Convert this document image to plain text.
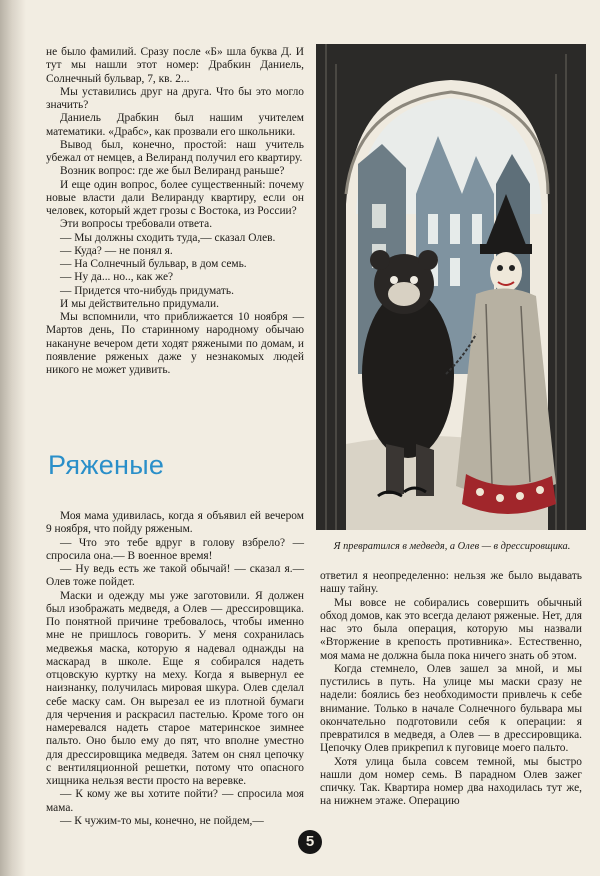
не было фамилий. Сразу после «Б» шла буква Д. И тут мы нашли этот номер: Драбкин Даниель, Солнечный бульвар, 7, кв. 2...

Мы уставились друг на друга. Что бы это могло значить?

Даниель Драбкин был нашим учителем математики. «Драбс», как прозвали его школьники.

Вывод был, конечно, простой: наш учитель убежал от немцев, а Велиранд получил его квартиру.

Возник вопрос: где же был Велиранд раньше?

И еще один вопрос, более существенный: почему новые власти дали Велиранду квартиру, если он человек, который ждет грозы с Востока, из России?

Эти вопросы требовали ответа.

— Мы должны сходить туда,— сказал Олев.

— Куда? — не понял я.

— На Солнечный бульвар, в дом семь.

— Ну да... но.., как же?

— Придется что-нибудь придумать.

И мы действительно придумали.

Мы вспомнили, что приближается 10 ноября — Мартов день, По старинному народному обычаю накануне вечером дети ходят ряжеными по домам, и появление ряженых даже у незнакомых людей никого не может удивить.

Ряженые

Моя мама удивилась, когда я объявил ей вечером 9 ноября, что пойду ряженым.

— Что это тебе вдруг в голову взбрело? — спросила она.— В военное время!

— Ну ведь есть же такой обычай! — сказал я.— Олев тоже пойдет.

Маски и одежду мы уже заготовили. Я должен был изображать медведя, а Олев — дрессировщика. По понятной причине требовалось, чтобы именно мне не пришлось говорить. У меня сохранилась медвежья маска, которую я надевал однажды на маскарад в школе. Еще я собирался надеть отцовскую куртку на меху. Когда я вывернул ее наизнанку, получилась мировая шкура. Олев сделал себе маску сам. Он вырезал ее из плотной бумаги для черчения и раскрасил пастелью. Кроме того он намеревался надеть старое материнское зимнее пальто. Оно было ему до пят, что вполне уместно для дрессировщика медведя. Затем он снял цепочку с вентиляционной решетки, потому что опасного хищника нельзя вести просто на веревке.

— К кому же вы хотите пойти? — спросила моя мама.

— К чужим-то мы, конечно, не пойдем,—

Я превратился в медведя, а Олев — в дрессировщика.

ответил я неопределенно: нельзя же было выдавать нашу тайну.

Мы вовсе не собирались совершить обычный обход домов, как это всегда делают ряженые. Нет, для нас это была операция, которую мы назвали «Вторжение в крепость противника». Естественно, моя мама не должна была пока ничего знать об этом.

Когда стемнело, Олев зашел за мной, и мы пустились в путь. На улице мы маски сразу не надели: боялись без необходимости привлечь к себе внимание. Только в начале Солнечного бульвара мы окончательно подготовили себя к операции: я превратился в медведя, а Олев — в дрессировщика. Цепочку Олев прикрепил к пуговице моего пальто.

Хотя улица была совсем темной, мы быстро нашли дом номер семь. В парадном Олев зажег спичку. Так. Квартира номер два находилась тут же, на нижнем этаже. Операцию

5
